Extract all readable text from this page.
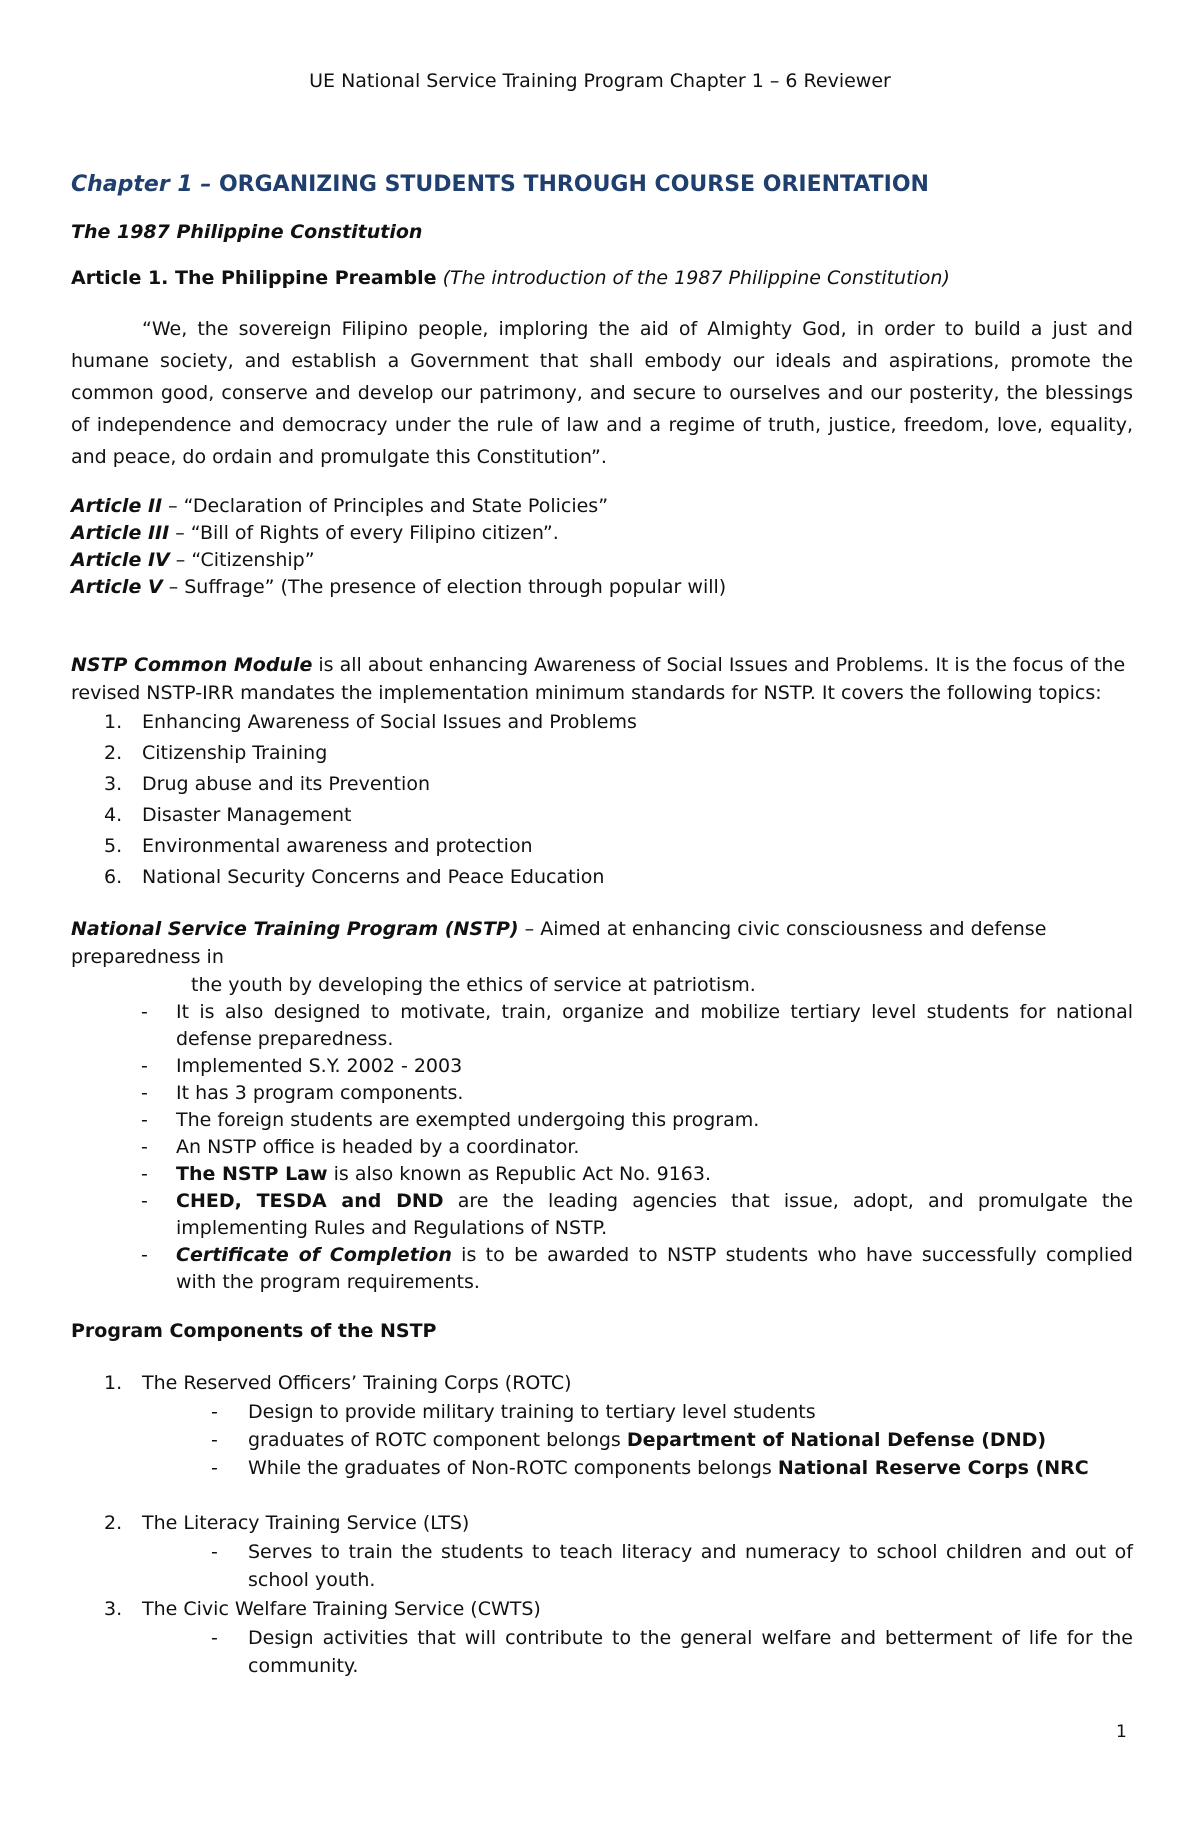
UE National Service Training Program Chapter 1 – 6 Reviewer

Chapter 1 – ORGANIZING STUDENTS THROUGH COURSE ORIENTATION

The 1987 Philippine Constitution

Article 1. The Philippine Preamble (The introduction of the 1987 Philippine Constitution)

“We, the sovereign Filipino people, imploring the aid of Almighty God, in order to build a just and humane society, and establish a Government that shall embody our ideals and aspirations, promote the common good, conserve and develop our patrimony, and secure to ourselves and our posterity, the blessings of independence and democracy under the rule of law and a regime of truth, justice, freedom, love, equality, and peace, do ordain and promulgate this Constitution”.

Article II – “Declaration of Principles and State Policies”

Article III – “Bill of Rights of every Filipino citizen”.

Article IV – “Citizenship”

Article V – Suffrage” (The presence of election through popular will)

NSTP Common Module is all about enhancing Awareness of Social Issues and Problems. It is the focus of the revised NSTP-IRR mandates the implementation minimum standards for NSTP. It covers the following topics:

1. Enhancing Awareness of Social Issues and Problems
2. Citizenship Training
3. Drug abuse and its Prevention
4. Disaster Management
5. Environmental awareness and protection
6. National Security Concerns and Peace Education
National Service Training Program (NSTP) – Aimed at enhancing civic consciousness and defense preparedness in
the youth by developing the ethics of service at patriotism.
- It is also designed to motivate, train, organize and mobilize tertiary level students for national defense preparedness.
- Implemented S.Y. 2002 - 2003
- It has 3 program components.
- The foreign students are exempted undergoing this program.
- An NSTP office is headed by a coordinator.
- The NSTP Law is also known as Republic Act No. 9163.
- CHED, TESDA and DND are the leading agencies that issue, adopt, and promulgate the implementing Rules and Regulations of NSTP.
- Certificate of Completion is to be awarded to NSTP students who have successfully complied with the program requirements.

Program Components of the NSTP

1. The Reserved Officers’ Training Corps (ROTC)
- Design to provide military training to tertiary level students
- graduates of ROTC component belongs Department of National Defense (DND)
- While the graduates of Non-ROTC components belongs National Reserve Corps (NRC
2. The Literacy Training Service (LTS)
- Serves to train the students to teach literacy and numeracy to school children and out of school youth.
3. The Civic Welfare Training Service (CWTS)
- Design activities that will contribute to the general welfare and betterment of life for the community.
1
